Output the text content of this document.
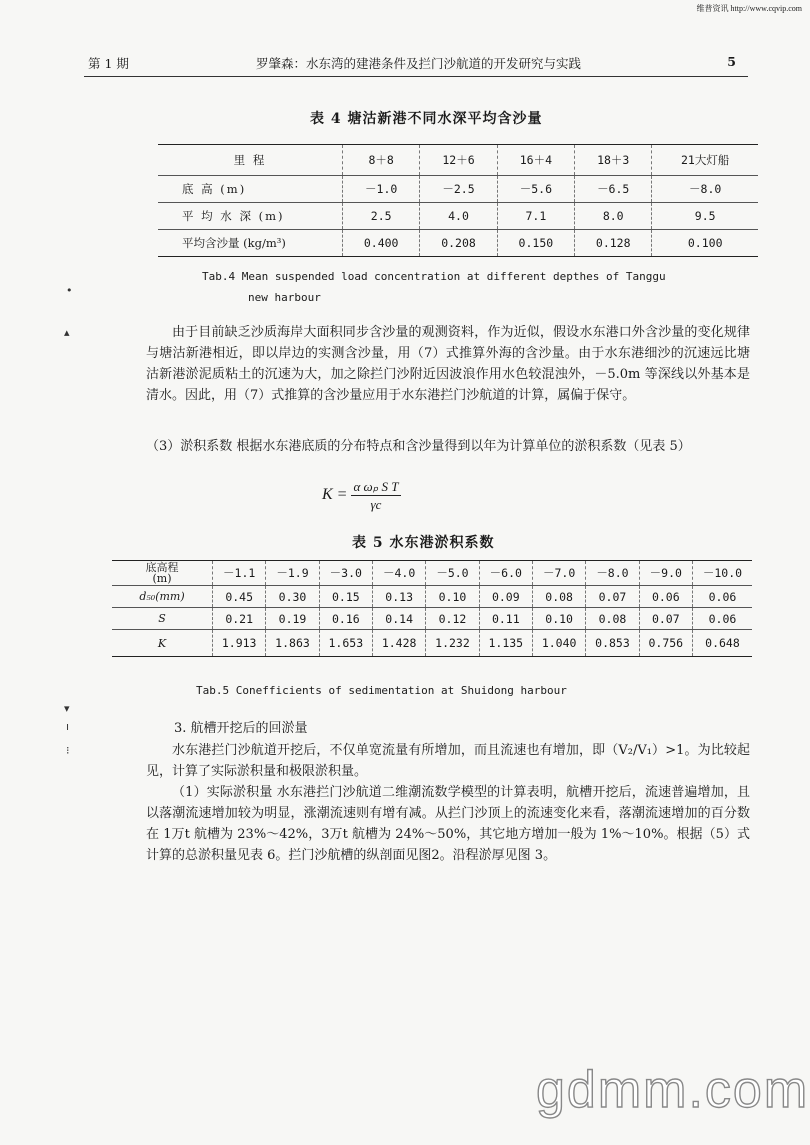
维普资讯 http://www.cqvip.com
第 1 期	罗肇森：水东湾的建港条件及拦门沙航道的开发研究与实践	5
表 4 塘沽新港不同水深平均含沙量
里 程	8＋8	12＋6	16＋4	18＋3	21大灯船
底 高 (m)	－1.0	－2.5	－5.6	－6.5	－8.0
平 均 水 深 (m)	2.5	4.0	7.1	8.0	9.5
平均含沙量 (kg/m³)	0.400	0.208	0.150	0.128	0.100
Tab.4 Mean suspended load concentration at different depthes of Tanggu
new harbour
•
▴	由于目前缺乏沙质海岸大面积同步含沙量的观测资料，作为近似，假设水东港口外含沙量的变化规律与塘沽新港相近，即以岸边的实测含沙量，用（7）式推算外海的含沙量。由于水东港细沙的沉速远比塘沽新港淤泥质粘土的沉速为大，加之除拦门沙附近因波浪作用水色较混浊外，－5.0m 等深线以外基本是清水。因此，用（7）式推算的含沙量应用于水东港拦门沙航道的计算，属偏于保守。
（3）淤积系数 根据水东港底质的分布特点和含沙量得到以年为计算单位的淤积系数（见表 5）
$K = \frac{\text{α ωₚ S T}}{\gamma c}$
表 5 水东港淤积系数
底高程
(m)	－1.1	－1.9	－3.0	－4.0	－5.0	－6.0	－7.0	－8.0	－9.0	－10.0
d₅₀(mm)	0.45	0.30	0.15	0.13	0.10	0.09	0.08	0.07	0.06	0.06
S	0.21	0.19	0.16	0.14	0.12	0.11	0.10	0.08	0.07	0.06
K	1.913	1.863	1.653	1.428	1.232	1.135	1.040	0.853	0.756	0.648
Tab.5 Conefficients of sedimentation at Shuidong harbour
▾
ı
⁝
3. 航槽开挖后的回淤量
水东港拦门沙航道开挖后，不仅单宽流量有所增加，而且流速也有增加，即（V₂/V₁）>1。为比较起见，计算了实际淤积量和极限淤积量。
（1）实际淤积量 水东港拦门沙航道二维潮流数学模型的计算表明，航槽开挖后，流速普遍增加，且以落潮流速增加较为明显，涨潮流速则有增有减。从拦门沙顶上的流速变化来看，落潮流速增加的百分数在 1万t 航槽为 23%～42%，3万t 航槽为 24%～50%，其它地方增加一般为 1%～10%。根据（5）式计算的总淤积量见表 6。拦门沙航槽的纵剖面见图2。沿程淤厚见图 3。
gdmm.com
